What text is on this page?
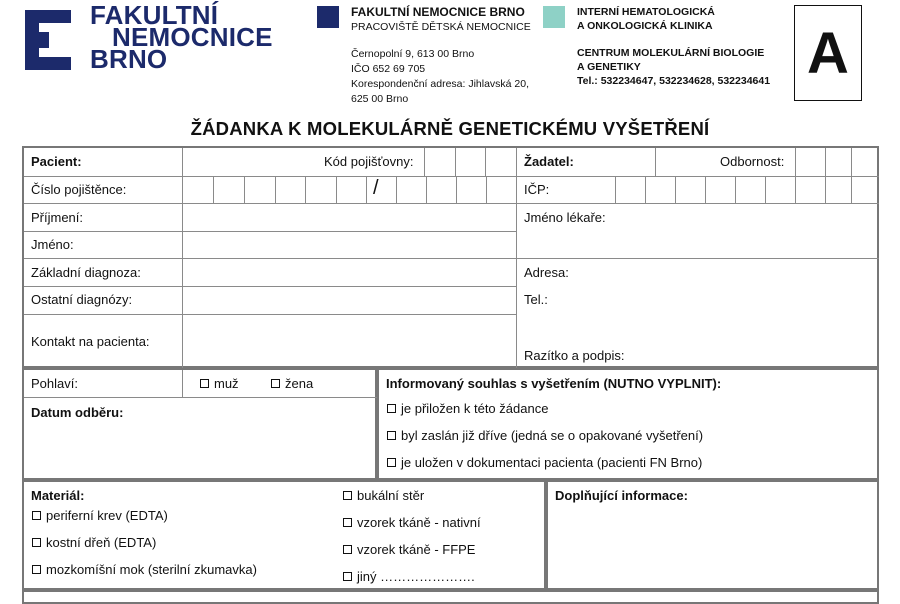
FAKULTNÍ
NEMOCNICE
BRNO
FAKULTNÍ NEMOCNICE BRNO
PRACOVIŠTĚ DĚTSKÁ NEMOCNICE
Černopolní 9, 613 00 Brno
IČO 652 69 705
Korespondenční adresa: Jihlavská 20,
625 00 Brno
INTERNÍ HEMATOLOGICKÁ
A ONKOLOGICKÁ KLINIKA
CENTRUM MOLEKULÁRNÍ BIOLOGIE
A GENETIKY
Tel.: 532234647, 532234628, 532234641 A
ŽÁDANKA K MOLEKULÁRNĚ GENETICKÉMU VYŠETŘENÍ
Pacient:	Kód pojišťovny:
Číslo pojištěnce:	/
Příjmení:
Jméno:
Základní diagnoza:
Ostatní diagnózy:
Kontakt na pacienta:
Žadatel:	Odbornost:
IČP:
Jméno lékaře:
Adresa:
Tel.:
Razítko a podpis:
Pohlaví:	muž	žena
Datum odběru:
Informovaný souhlas s vyšetřením (NUTNO VYPLNIT):
je přiložen k této žádance
byl zaslán již dříve (jedná se o opakované vyšetření)
je uložen v dokumentaci pacienta (pacienti FN Brno)
Materiál:
periferní krev (EDTA)
kostní dřeň (EDTA)
mozkomíšní mok (sterilní zkumavka)
bukální stěr
vzorek tkáně - nativní
vzorek tkáně - FFPE
jiný ………………….
Doplňující informace:
